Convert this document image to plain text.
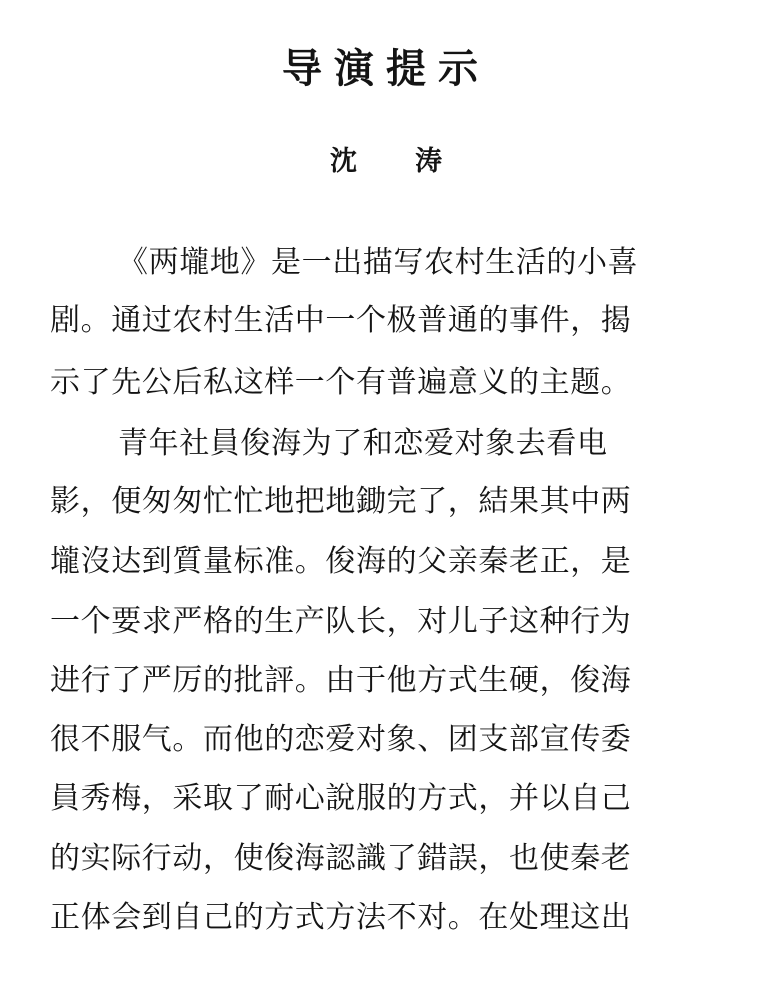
导演提示
沈 涛
《两壠地》是一出描写农村生活的小喜
剧。通过农村生活中一个极普通的事件，揭
示了先公后私这样一个有普遍意义的主题。
青年社員俊海为了和恋爱对象去看电
影，便匆匆忙忙地把地鋤完了，結果其中两
壠沒达到質量标准。俊海的父亲秦老正，是
一个要求严格的生产队长，对儿子这种行为
进行了严厉的批評。由于他方式生硬，俊海
很不服气。而他的恋爱对象、团支部宣传委
員秀梅，采取了耐心說服的方式，并以自己
的实际行动，使俊海認識了錯誤，也使秦老
正体会到自己的方式方法不对。在处理这出
